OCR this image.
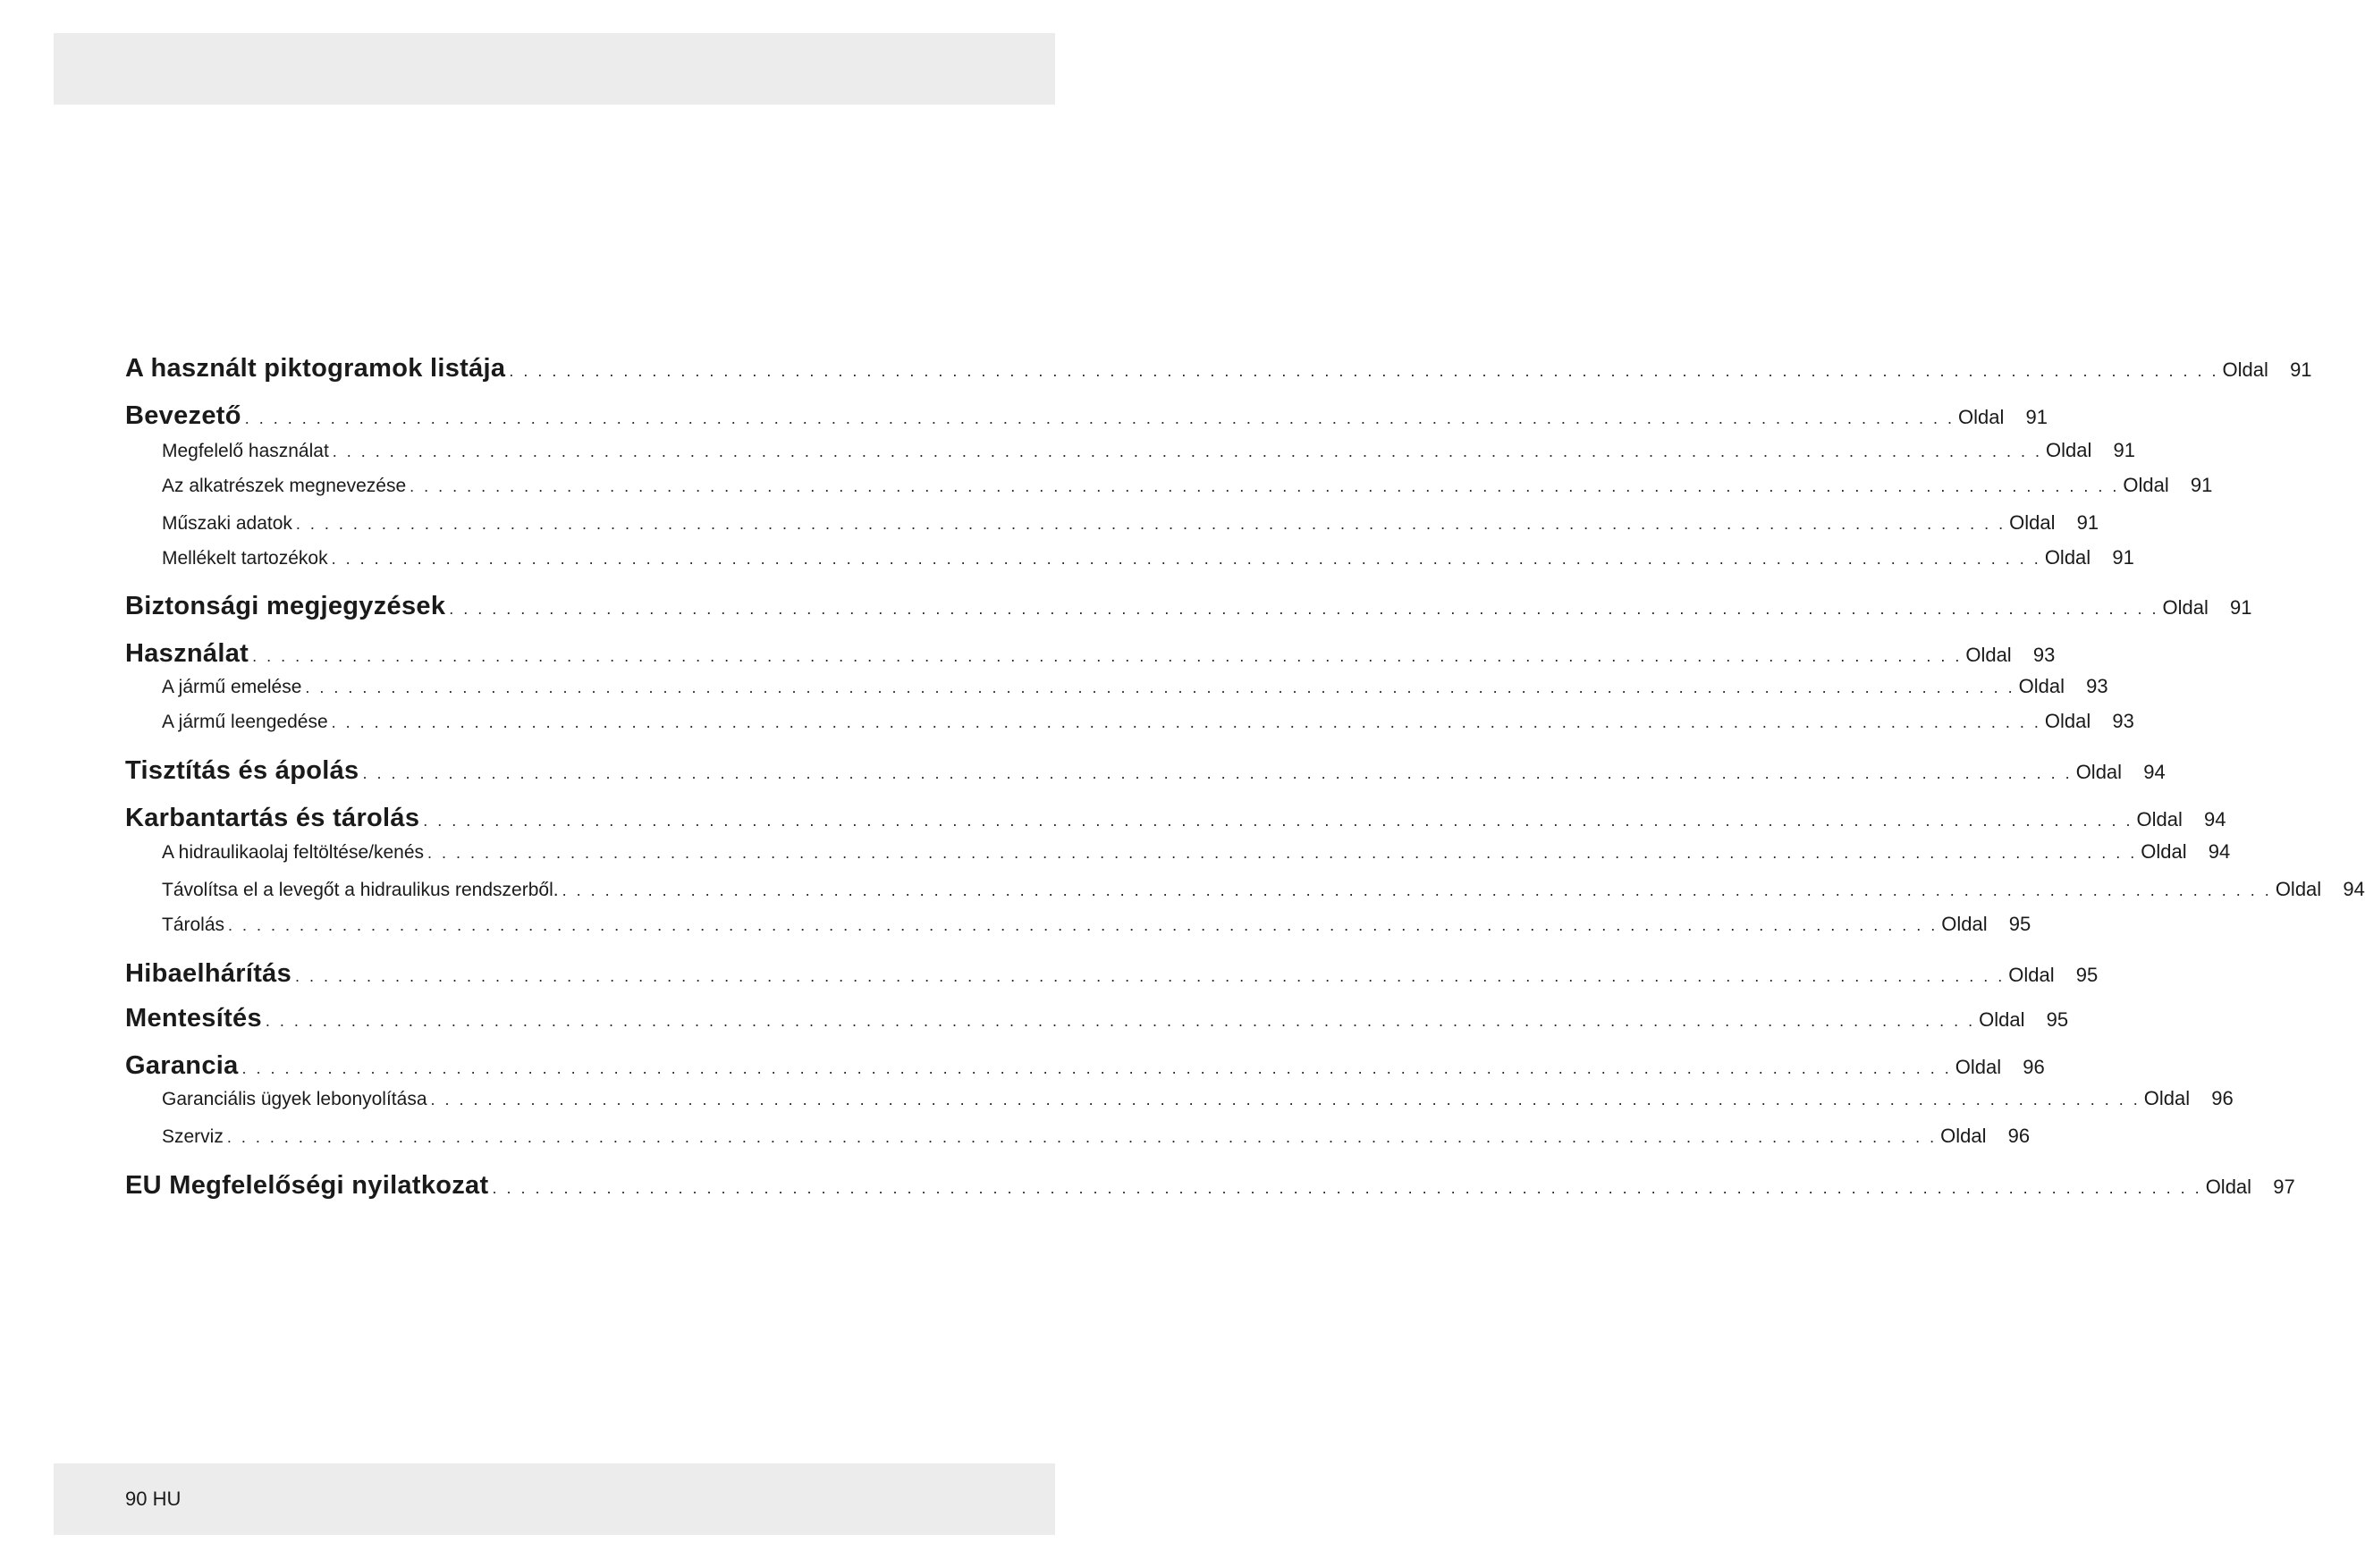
A használt piktogramok listája . . . . . . . . . . . . . . . . . . . . . . . . . . . . . . . . . . . . . . . . . . . . . . . . . . . . . . . . . . . . . . . . . . . . . . . . . . . . . . . . . . . . . . . . . . . . . . . . . . . . . . . . . . . . . . . . . . . . . . . . Oldal	91
Bevezető . . . . . . . . . . . . . . . . . . . . . . . . . . . . . . . . . . . . . . . . . . . . . . . . . . . . . . . . . . . . . . . . . . . . . . . . . . . . . . . . . . . . . . . . . . . . . . . . . . . . . . . . . . . . . . . . . . . . . . . . Oldal	91
Megfelelő használat . . . . . . . . . . . . . . . . . . . . . . . . . . . . . . . . . . . . . . . . . . . . . . . . . . . . . . . . . . . . . . . . . . . . . . . . . . . . . . . . . . . . . . . . . . . . . . . . . . . . . . . . . . . . . . . . . . . . . . . . Oldal	91
Az alkatrészek megnevezése . . . . . . . . . . . . . . . . . . . . . . . . . . . . . . . . . . . . . . . . . . . . . . . . . . . . . . . . . . . . . . . . . . . . . . . . . . . . . . . . . . . . . . . . . . . . . . . . . . . . . . . . . . . . . . . . . . . . . . . . Oldal	91
Műszaki adatok . . . . . . . . . . . . . . . . . . . . . . . . . . . . . . . . . . . . . . . . . . . . . . . . . . . . . . . . . . . . . . . . . . . . . . . . . . . . . . . . . . . . . . . . . . . . . . . . . . . . . . . . . . . . . . . . . . . . . . . . Oldal	91
Mellékelt tartozékok . . . . . . . . . . . . . . . . . . . . . . . . . . . . . . . . . . . . . . . . . . . . . . . . . . . . . . . . . . . . . . . . . . . . . . . . . . . . . . . . . . . . . . . . . . . . . . . . . . . . . . . . . . . . . . . . . . . . . . . . Oldal	91
Biztonsági megjegyzések . . . . . . . . . . . . . . . . . . . . . . . . . . . . . . . . . . . . . . . . . . . . . . . . . . . . . . . . . . . . . . . . . . . . . . . . . . . . . . . . . . . . . . . . . . . . . . . . . . . . . . . . . . . . . . . . . . . . . . . . Oldal	91
Használat . . . . . . . . . . . . . . . . . . . . . . . . . . . . . . . . . . . . . . . . . . . . . . . . . . . . . . . . . . . . . . . . . . . . . . . . . . . . . . . . . . . . . . . . . . . . . . . . . . . . . . . . . . . . . . . . . . . . . . . . Oldal	93
A jármű emelése . . . . . . . . . . . . . . . . . . . . . . . . . . . . . . . . . . . . . . . . . . . . . . . . . . . . . . . . . . . . . . . . . . . . . . . . . . . . . . . . . . . . . . . . . . . . . . . . . . . . . . . . . . . . . . . . . . . . . . . . Oldal	93
A jármű leengedése . . . . . . . . . . . . . . . . . . . . . . . . . . . . . . . . . . . . . . . . . . . . . . . . . . . . . . . . . . . . . . . . . . . . . . . . . . . . . . . . . . . . . . . . . . . . . . . . . . . . . . . . . . . . . . . . . . . . . . . . Oldal	93
Tisztítás és ápolás . . . . . . . . . . . . . . . . . . . . . . . . . . . . . . . . . . . . . . . . . . . . . . . . . . . . . . . . . . . . . . . . . . . . . . . . . . . . . . . . . . . . . . . . . . . . . . . . . . . . . . . . . . . . . . . . . . . . . . . . Oldal	94
Karbantartás és tárolás . . . . . . . . . . . . . . . . . . . . . . . . . . . . . . . . . . . . . . . . . . . . . . . . . . . . . . . . . . . . . . . . . . . . . . . . . . . . . . . . . . . . . . . . . . . . . . . . . . . . . . . . . . . . . . . . . . . . . . . . Oldal	94
A hidraulikaolaj feltöltése/kenés . . . . . . . . . . . . . . . . . . . . . . . . . . . . . . . . . . . . . . . . . . . . . . . . . . . . . . . . . . . . . . . . . . . . . . . . . . . . . . . . . . . . . . . . . . . . . . . . . . . . . . . . . . . . . . . . . . . . . . . . Oldal	94
Távolítsa el a levegőt a hidraulikus rendszerből. . . . . . . . . . . . . . . . . . . . . . . . . . . . . . . . . . . . . . . . . . . . . . . . . . . . . . . . . . . . . . . . . . . . . . . . . . . . . . . . . . . . . . . . . . . . . . . . . . . . . . . . . . . . . . . . . . . . . . . . . Oldal	94
Tárolás . . . . . . . . . . . . . . . . . . . . . . . . . . . . . . . . . . . . . . . . . . . . . . . . . . . . . . . . . . . . . . . . . . . . . . . . . . . . . . . . . . . . . . . . . . . . . . . . . . . . . . . . . . . . . . . . . . . . . . . . Oldal	95
Hibaelhárítás . . . . . . . . . . . . . . . . . . . . . . . . . . . . . . . . . . . . . . . . . . . . . . . . . . . . . . . . . . . . . . . . . . . . . . . . . . . . . . . . . . . . . . . . . . . . . . . . . . . . . . . . . . . . . . . . . . . . . . . . Oldal	95
Mentesítés . . . . . . . . . . . . . . . . . . . . . . . . . . . . . . . . . . . . . . . . . . . . . . . . . . . . . . . . . . . . . . . . . . . . . . . . . . . . . . . . . . . . . . . . . . . . . . . . . . . . . . . . . . . . . . . . . . . . . . . . Oldal	95
Garancia . . . . . . . . . . . . . . . . . . . . . . . . . . . . . . . . . . . . . . . . . . . . . . . . . . . . . . . . . . . . . . . . . . . . . . . . . . . . . . . . . . . . . . . . . . . . . . . . . . . . . . . . . . . . . . . . . . . . . . . . Oldal	96
Garanciális ügyek lebonyolítása . . . . . . . . . . . . . . . . . . . . . . . . . . . . . . . . . . . . . . . . . . . . . . . . . . . . . . . . . . . . . . . . . . . . . . . . . . . . . . . . . . . . . . . . . . . . . . . . . . . . . . . . . . . . . . . . . . . . . . . . Oldal	96
Szerviz . . . . . . . . . . . . . . . . . . . . . . . . . . . . . . . . . . . . . . . . . . . . . . . . . . . . . . . . . . . . . . . . . . . . . . . . . . . . . . . . . . . . . . . . . . . . . . . . . . . . . . . . . . . . . . . . . . . . . . . . Oldal	96
EU Megfelelőségi nyilatkozat . . . . . . . . . . . . . . . . . . . . . . . . . . . . . . . . . . . . . . . . . . . . . . . . . . . . . . . . . . . . . . . . . . . . . . . . . . . . . . . . . . . . . . . . . . . . . . . . . . . . . . . . . . . . . . . . . . . . . . . . Oldal	97
90 HU
